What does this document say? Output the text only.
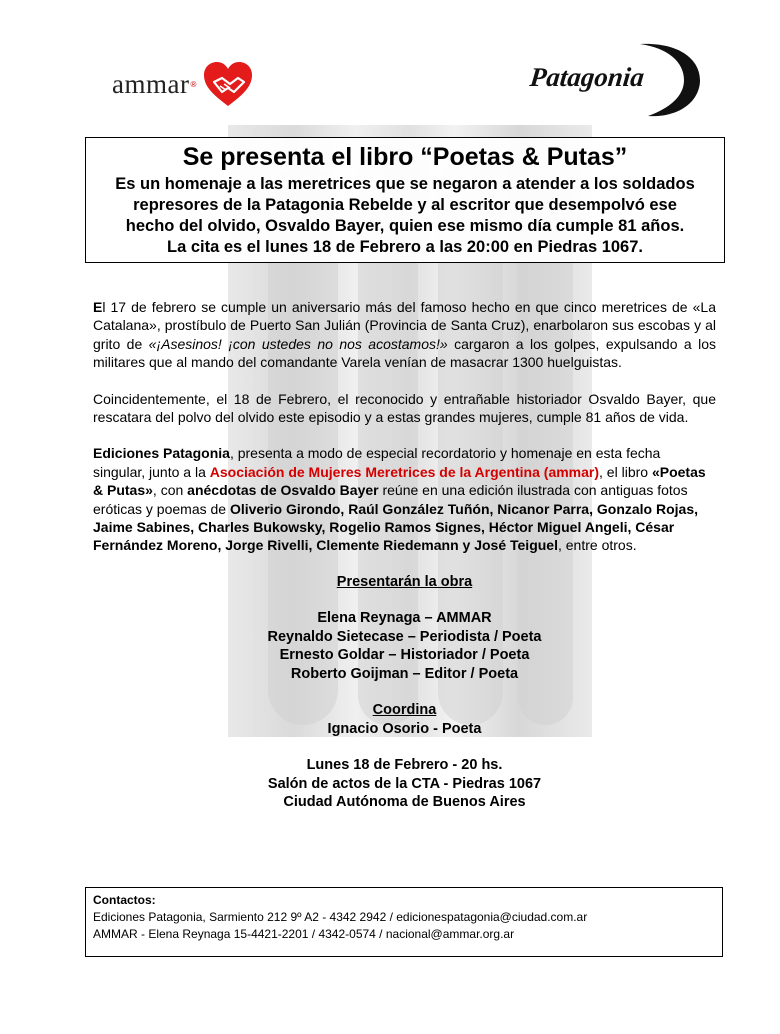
ammar ®	Patagonia
Se presenta el libro “Poetas & Putas”

Es un homenaje a las meretrices que se negaron a atender a los soldados

represores de la Patagonia Rebelde y al escritor que desempolvó ese

hecho del olvido, Osvaldo Bayer, quien ese mismo día cumple 81 años.

La cita es el lunes 18 de Febrero a las 20:00 en Piedras 1067.

El 17 de febrero se cumple un aniversario más del famoso hecho en que cinco meretrices de «La Catalana», prostíbulo de Puerto San Julián (Provincia de Santa Cruz), enarbolaron sus escobas y al grito de «¡Asesinos! ¡con ustedes no nos acostamos!» cargaron a los golpes, expulsando a los militares que al mando del comandante Varela venían de masacrar 1300 huelguistas.

Coincidentemente, el 18 de Febrero, el reconocido y entrañable historiador Osvaldo Bayer, que rescatara del polvo del olvido este episodio y a estas grandes mujeres, cumple 81 años de vida.

Ediciones Patagonia, presenta a modo de especial recordatorio y homenaje en esta fecha singular, junto a la Asociación de Mujeres Meretrices de la Argentina (ammar), el libro «Poetas & Putas», con anécdotas de Osvaldo Bayer reúne en una edición ilustrada con antiguas fotos eróticas y poemas de Oliverio Girondo, Raúl González Tuñón, Nicanor Parra, Gonzalo Rojas, Jaime Sabines, Charles Bukowsky, Rogelio Ramos Signes, Héctor Miguel Angeli, César Fernández Moreno, Jorge Rivelli, Clemente Riedemann y José Teiguel, entre otros.

Presentarán la obra

Elena Reynaga – AMMAR

Reynaldo Sietecase – Periodista / Poeta

Ernesto Goldar – Historiador / Poeta

Roberto Goijman – Editor / Poeta

Coordina

Ignacio Osorio - Poeta

Lunes 18 de Febrero - 20 hs.

Salón de actos de la CTA - Piedras 1067

Ciudad Autónoma de Buenos Aires

Contactos:
Ediciones Patagonia, Sarmiento 212 9º A2 - 4342 2942 / edicionespatagonia@ciudad.com.ar
AMMAR - Elena Reynaga 15-4421-2201 / 4342-0574 / nacional@ammar.org.ar
